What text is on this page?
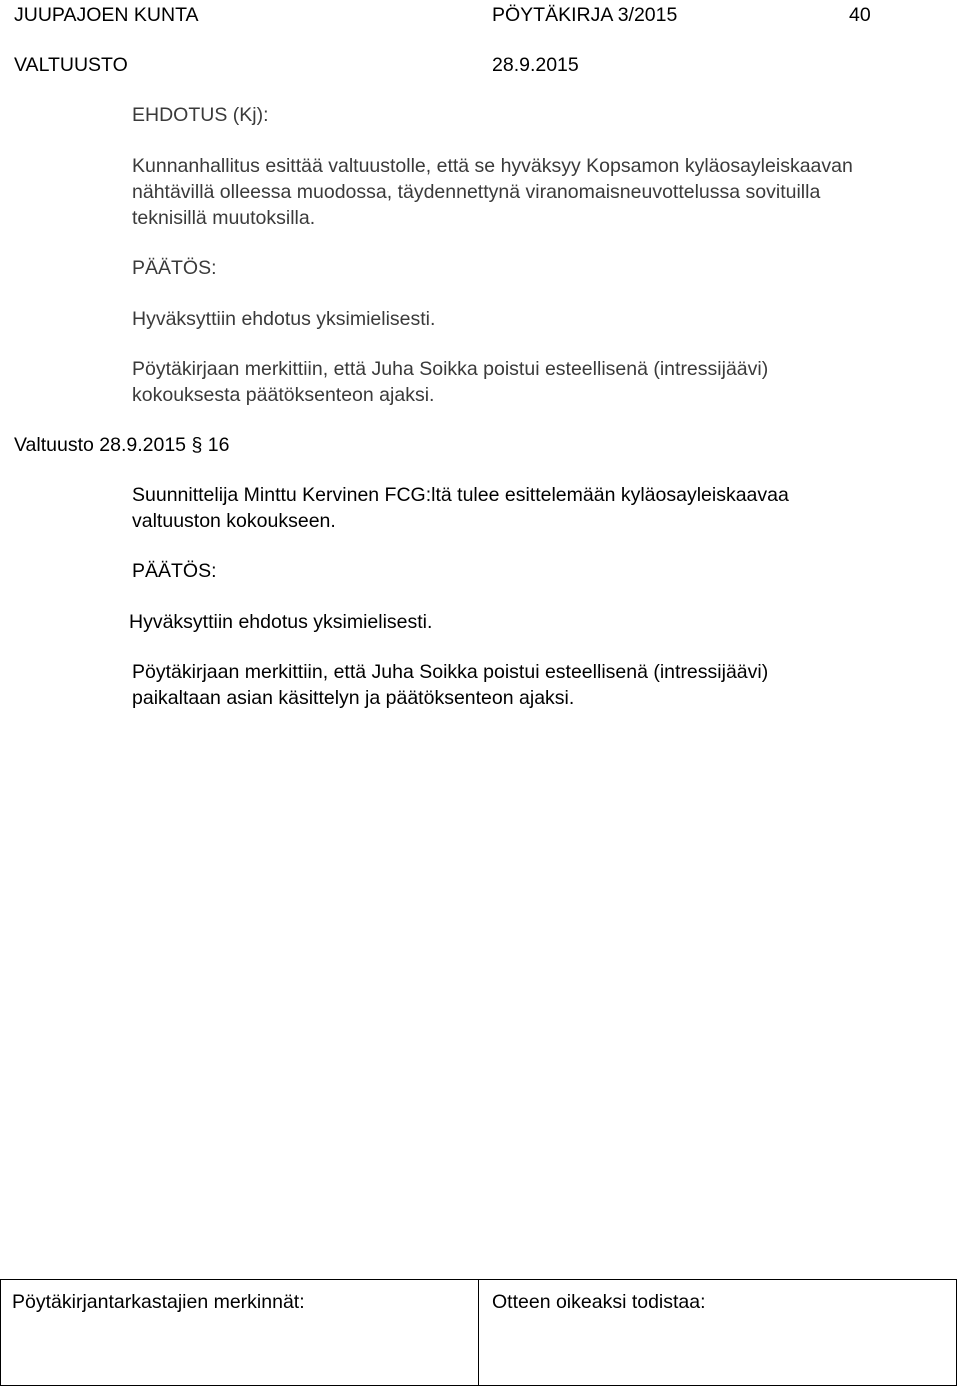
JUUPAJOEN KUNTA	PÖYTÄKIRJA 3/2015	40
VALTUUSTO	28.9.2015
EHDOTUS (Kj):
Kunnanhallitus esittää valtuustolle, että se hyväksyy Kopsamon kyläosayleiskaavan
nähtävillä olleessa muodossa, täydennettynä viranomaisneuvottelussa sovituilla
teknisillä muutoksilla.
PÄÄTÖS:
Hyväksyttiin ehdotus yksimielisesti.
Pöytäkirjaan merkittiin, että Juha Soikka poistui esteellisenä (intressijäävi)
kokouksesta päätöksenteon ajaksi.
Valtuusto 28.9.2015 § 16
Suunnittelija Minttu Kervinen FCG:ltä tulee esittelemään kyläosayleiskaavaa
valtuuston kokoukseen.
PÄÄTÖS:
Hyväksyttiin ehdotus yksimielisesti.
Pöytäkirjaan merkittiin, että Juha Soikka poistui esteellisenä (intressijäävi)
paikaltaan asian käsittelyn ja päätöksenteon ajaksi.
Pöytäkirjantarkastajien merkinnät:	Otteen oikeaksi todistaa:
